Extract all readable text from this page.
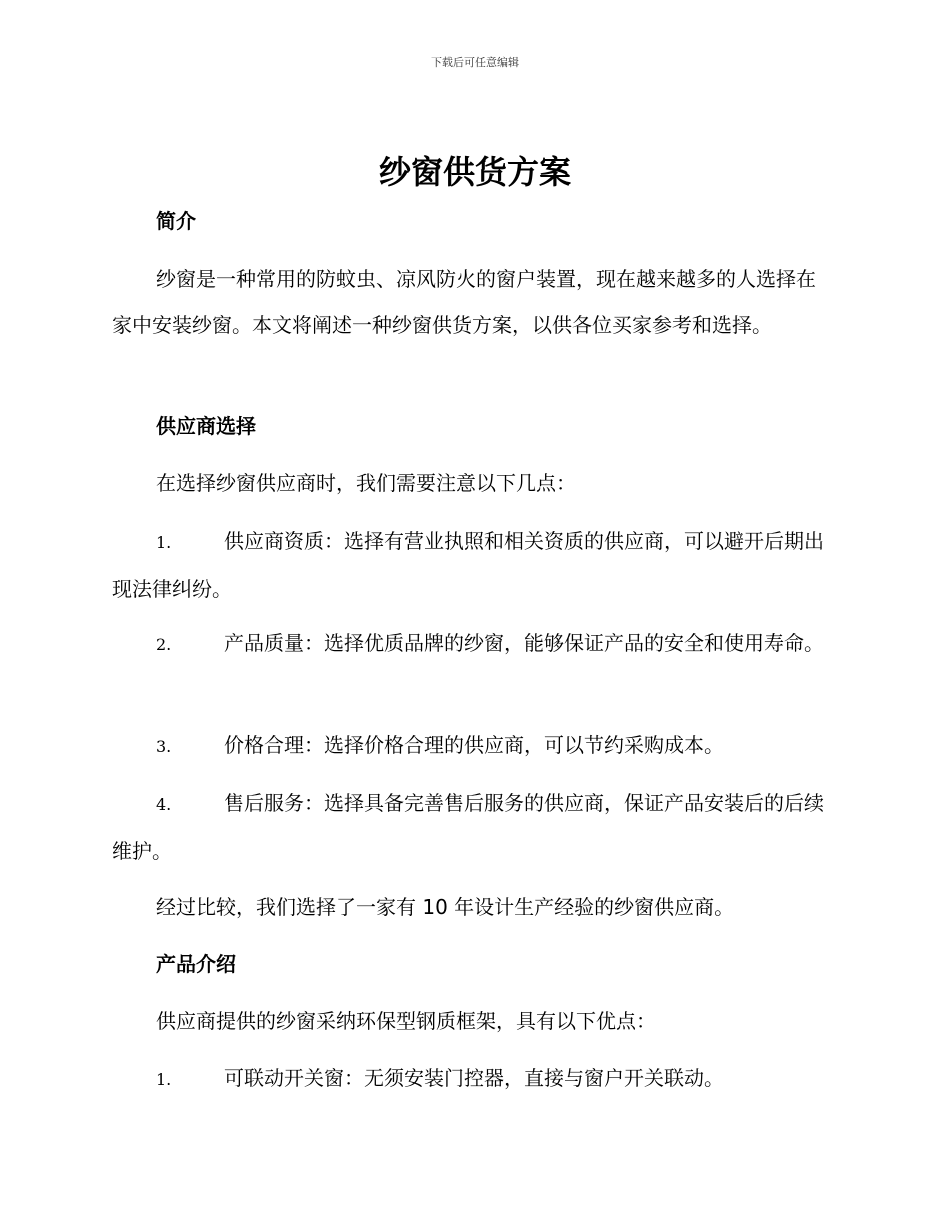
下载后可任意编辑
纱窗供货方案
简介
纱窗是一种常用的防蚊虫、凉风防火的窗户装置，现在越来越多的人选择在家中安装纱窗。本文将阐述一种纱窗供货方案，以供各位买家参考和选择。
供应商选择
在选择纱窗供应商时，我们需要注意以下几点：
1.	供应商资质：选择有营业执照和相关资质的供应商，可以避开后期出现法律纠纷。
2.	产品质量：选择优质品牌的纱窗，能够保证产品的安全和使用寿命。
3.	价格合理：选择价格合理的供应商，可以节约采购成本。
4.	售后服务：选择具备完善售后服务的供应商，保证产品安装后的后续维护。
经过比较，我们选择了一家有 10 年设计生产经验的纱窗供应商。
产品介绍
供应商提供的纱窗采纳环保型钢质框架，具有以下优点：
1.	可联动开关窗：无须安装门控器，直接与窗户开关联动。
